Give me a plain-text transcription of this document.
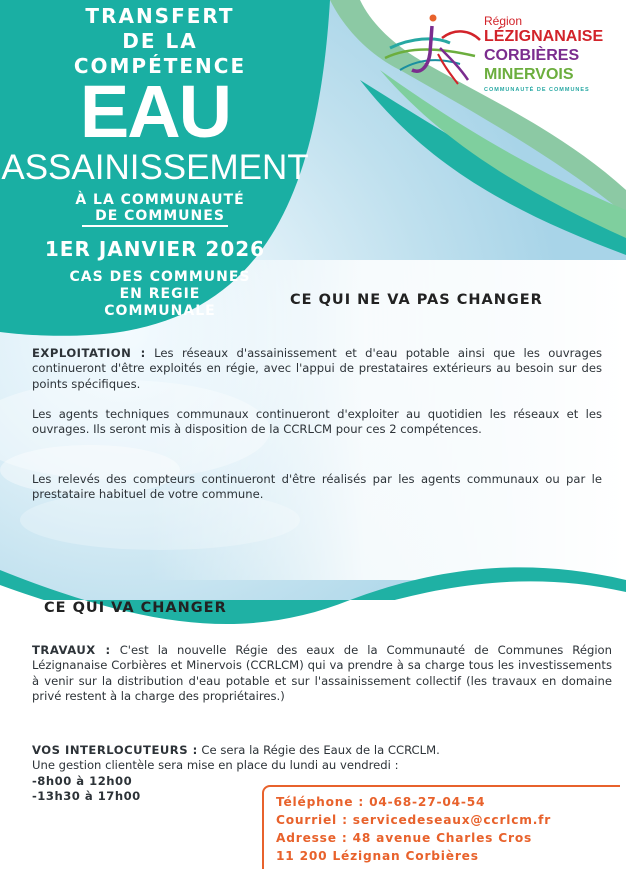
TRANSFERT
DE LA
COMPÉTENCE
EAU
ASSAINISSEMENT
À LA COMMUNAUTÉ
DE COMMUNES
1ER JANVIER 2026
CAS DES COMMUNES
EN REGIE
COMMUNALE
Région
LÉZIGNANAISE
CORBIÈRES
MINERVOIS
COMMUNAUTÉ DE COMMUNES
CE QUI NE VA PAS CHANGER
EXPLOITATION : Les réseaux d'assainissement et d'eau potable ainsi que les ouvrages continueront d'être exploités en régie, avec l'appui de prestataires extérieurs au besoin sur des points spécifiques.
Les agents techniques communaux continueront d'exploiter au quotidien les réseaux et les ouvrages. Ils seront mis à disposition de la CCRLCM pour ces 2 compétences.
Les relevés des compteurs continueront d'être réalisés par les agents communaux ou par le prestataire habituel de votre commune.
CE QUI VA CHANGER
TRAVAUX : C'est la nouvelle Régie des eaux de la Communauté de Communes Région Lézignanaise Corbières et Minervois (CCRLCM) qui va prendre à sa charge tous les investissements à venir sur la distribution d'eau potable et sur l'assainissement collectif (les travaux en domaine privé restent à la charge des propriétaires.)
VOS INTERLOCUTEURS : Ce sera la Régie des Eaux de la CCRCLM.
Une gestion clientèle sera mise en place du lundi au vendredi :
-8h00 à 12h00
-13h30 à 17h00	Téléphone : 04-68-27-04-54
Courriel : servicedeseaux@ccrlcm.fr
Adresse : 48 avenue Charles Cros
11 200 Lézignan Corbières
